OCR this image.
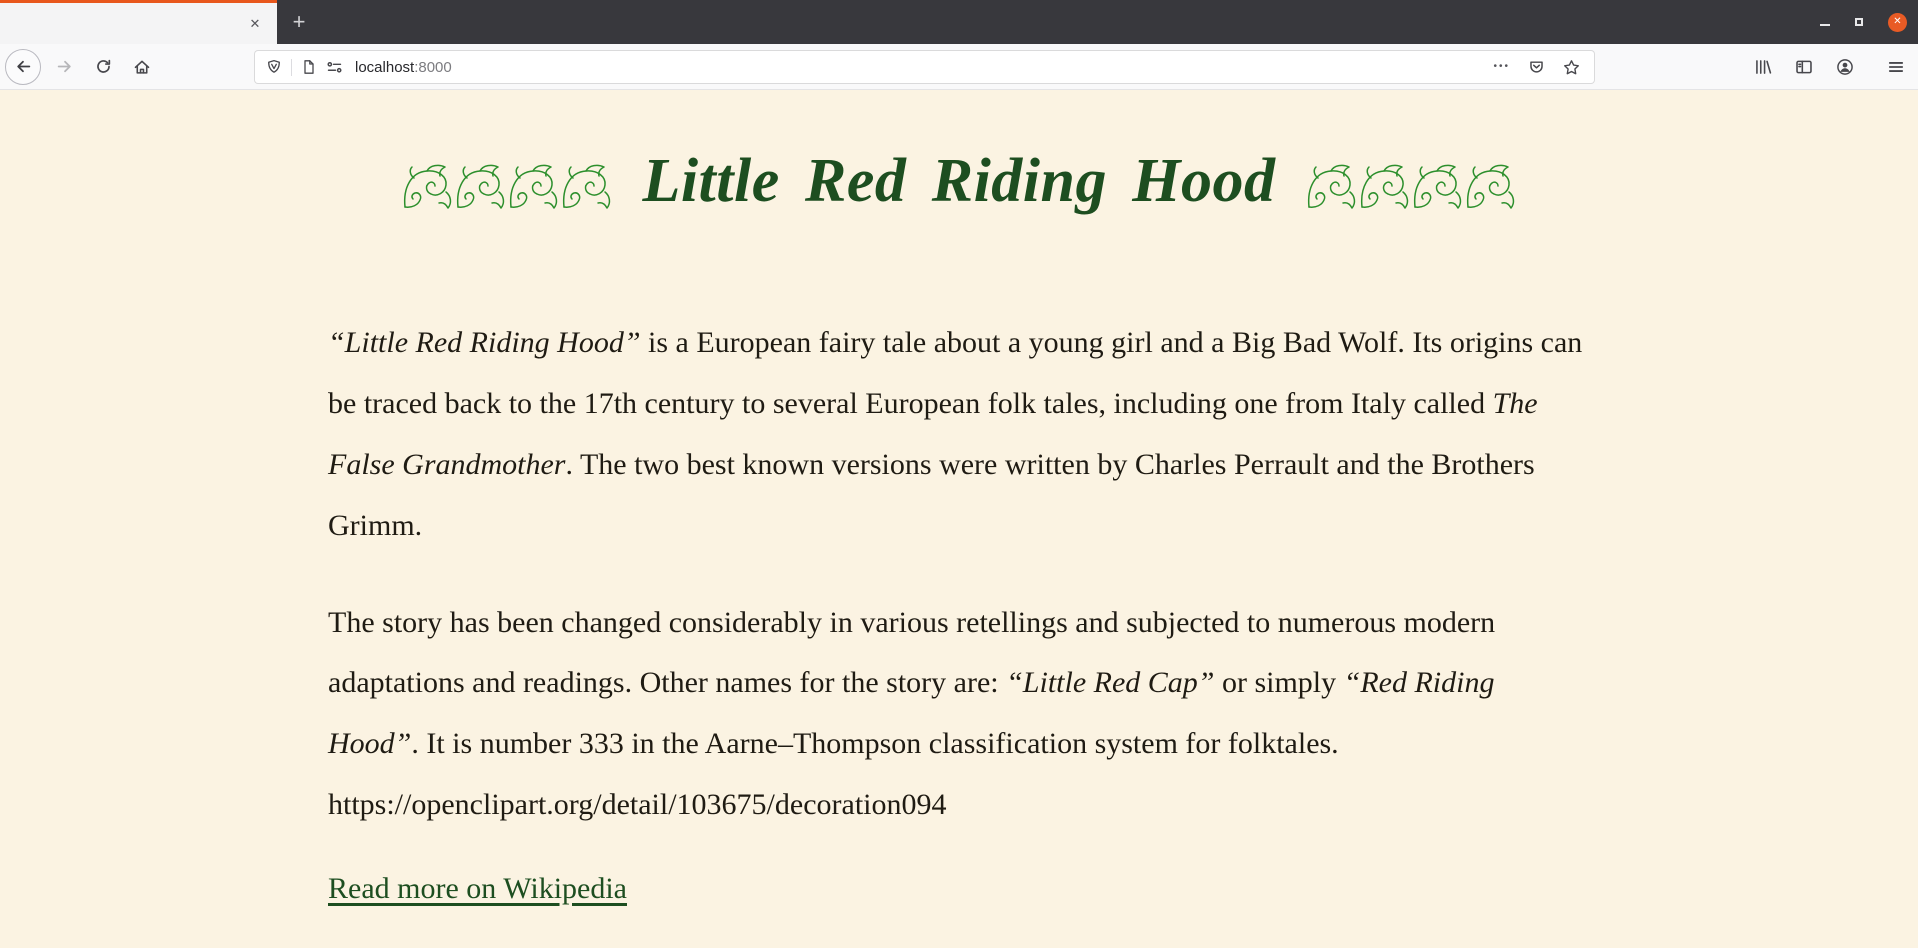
✕ +	✕
localhost:8000	•••
Little Red Riding Hood

“Little Red Riding Hood” is a European fairy tale about a young girl and a Big Bad Wolf. Its origins can be traced back to the 17th century to several European folk tales, including one from Italy called The False Grandmother. The two best known versions were written by Charles Perrault and the Brothers Grimm.

The story has been changed considerably in various retellings and subjected to numerous modern adaptations and readings. Other names for the story are: “Little Red Cap” or simply “Red Riding Hood”. It is number 333 in the Aarne–Thompson classification system for folktales. https://openclipart.org/detail/103675/decoration094

Read more on Wikipedia
